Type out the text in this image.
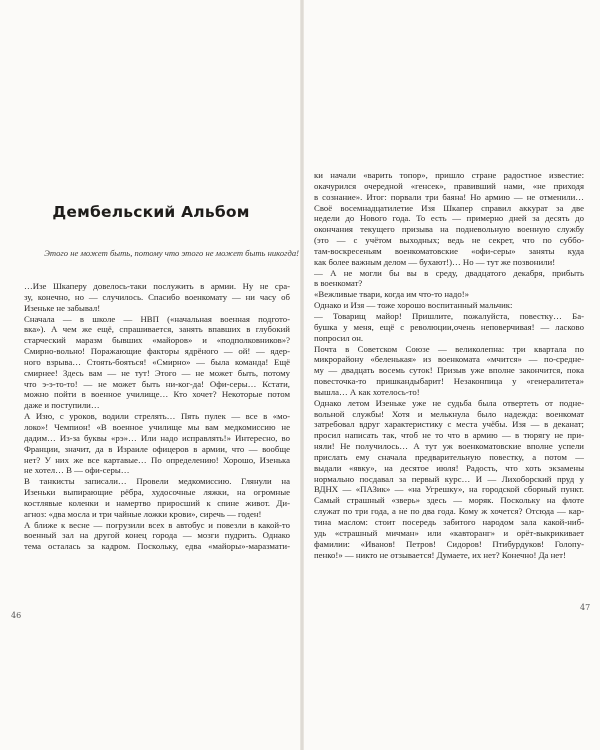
Дембельский Альбом
Этого не может быть, потому что этого не может быть никогда!
…Изе Шкаперу довелось-таки послужить в армии. Ну не сра-
зу, конечно, но — случилось. Спасибо военкомату — ни часу об
Изеньке не забывал!
Сначала — в школе — НВП («начальная военная подгото-
вка»). А чем же ещё, спрашивается, занять впавших в глубокий
старческий маразм бывших «майоров» и «подполковников»?
Смирно-вольно! Поражающие факторы ядрёного — ой! — ядер-
ного взрыва… Стоять-бояться! «Смирно» — была команда! Ещё
смирнее! Здесь вам — не тут! Этого — не может быть, потому
что э-э-то-то! — не может быть ни-ког-да! Офи-серы… Кстати,
можно пойти в военное училище… Кто хочет? Некоторые потом
даже и поступили…
А Изю, с уроков, водили стрелять… Пять пулек — все в «мо-
локо»! Чемпион! «В военное училище мы вам медкомиссию не
дадим… Из-за буквы «рэ»… Или надо исправлять!» Интересно, во
Франции, значит, да в Израиле офицеров в армии, что — вообще
нет? У них же все картавые… По определению! Хорошо, Изенька
не хотел… В — офи-серы…
В танкисты записали… Провели медкомиссию. Глянули на
Изеньки выпирающие рёбра, худосочные ляжки, на огромные
костлявые коленки и намертво приросший к спине живот. Ди-
агноз: «два мосла и три чайные ложки крови», сиречь — годен!
А ближе к весне — погрузили всех в автобус и повезли в какой-то
военный зал на другой конец города — мозги пудрить. Однако
тема осталась за кадром. Поскольку, едва «майоры»-маразмати-
ки начали «варить топор», пришло стране радостное известие:
окачурился очередной «генсек», правивший нами, «не приходя
в сознание». Итог: порвали три баяна! Но армию — не отменили…
Своё восемнадцатилетие Изя Шкапер справил аккурат за две
недели до Нового года. То есть — примерно дней за десять до
окончания текущего призыва на подневольную военную службу
(это — с учётом выходных; ведь не секрет, что по суббо-
там-воскресеньям военкоматовские «офи-серы» заняты куда
как более важным делом — бухают!)… Но — тут же позвонили!
— А не могли бы вы в среду, двадцатого декабря, прибыть
в военкомат?
«Вежливые твари, когда им что-то надо!»
Однако и Изя — тоже хорошо воспитанный мальчик:
— Товарищ майор! Пришлите, пожалуйста, повестку… Ба-
бушка у меня, ещё с революции,очень неповерчивая! — ласково
попросил он.
Почта в Советском Союзе — великолепна: три квартала по
микрорайону «беленькая» из военкомата «мчится» — по-средне-
му — двадцать восемь суток! Призыв уже вполне закончится, пока
повесточка-то пришкандыбарит! Незаконпица у «генералитета»
вышла… А как хотелось-то!
Однако летом Изеньке уже не судьба была отвертеть от подне-
вольной службы! Хотя и мелькнула было надежда: военкомат
затребовал вдруг характеристику с места учёбы. Изя — в деканат;
просил написать так, чтоб не то что в армию — в тюрягу не при-
няли! Не получилось… А тут уж военкоматовские вполне успели
прислать ему сначала предварительную повестку, а потом —
выдали «явку», на десятое июля! Радость, что хоть экзамены
нормально посдавал за первый курс… И — Лихоборский пруд у
ВДНХ — «ПАЗик» — «на Угрешку», на городской сборный пункт.
Самый страшный «зверь» здесь — моряк. Поскольку на флоте
служат по три года, а не по два года. Кому ж хочется? Отсюда — кар-
тина маслом: стоит посередь забитого народом зала какой-ниб-
удь «страшный мичман» или «кавторанг» и орёт-выкрикивает
фамилии: «Иванов! Петров! Сидоров! Птибурдуков! Голопу-
пенко!» — никто не отзывается! Думаете, их нет? Конечно! Да нет!
46
47
